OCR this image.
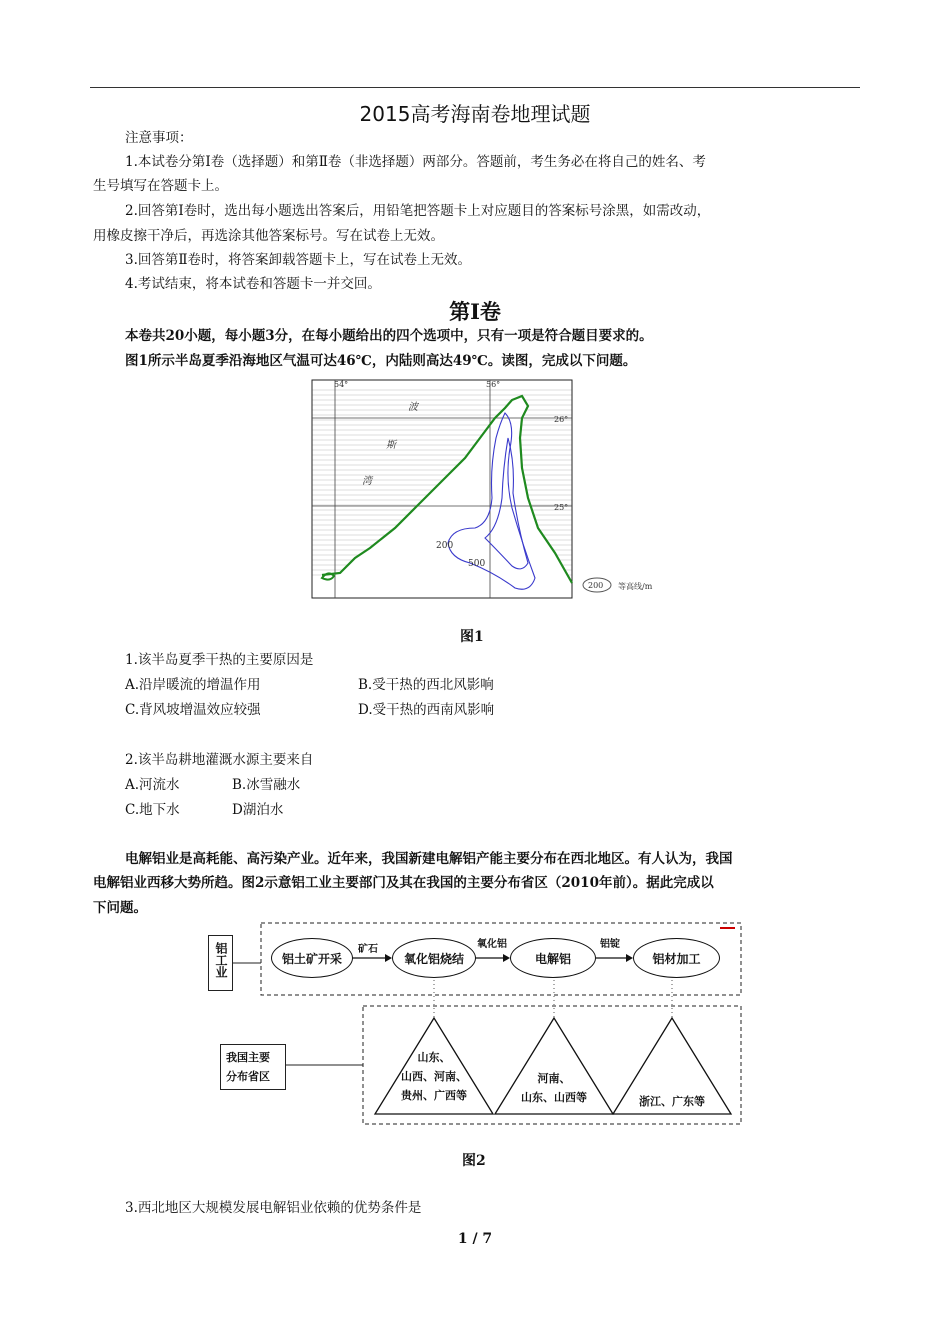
2015高考海南卷地理试题
注意事项：
1.本试卷分第Ⅰ卷（选择题）和第Ⅱ卷（非选择题）两部分。答题前，考生务必在将自己的姓名、考
生号填写在答题卡上。
2.回答第Ⅰ卷时，选出每小题选出答案后，用铅笔把答题卡上对应题目的答案标号涂黑，如需改动，
用橡皮擦干净后，再选涂其他答案标号。写在试卷上无效。
3.回答第Ⅱ卷时，将答案卸载答题卡上，写在试卷上无效。
4.考试结束，将本试卷和答题卡一并交回。
第Ⅰ卷
本卷共20小题，每小题3分，在每小题给出的四个选项中，只有一项是符合题目要求的。
图1所示半岛夏季沿海地区气温可达46℃，内陆则高达49℃。读图，完成以下问题。
54°	56°
26°
25°
波
斯
湾
200
500
200 等高线/m
图1
1.该半岛夏季干热的主要原因是
A.沿岸暖流的增温作用	B.受干热的西北风影响
C.背风坡增温效应较强	D.受干热的西南风影响
2.该半岛耕地灌溉水源主要来自
A.河流水	B.冰雪融水
C.地下水	D湖泊水
电解铝业是高耗能、高污染产业。近年来，我国新建电解铝产能主要分布在西北地区。有人认为，我国
电解铝业西移大势所趋。图2示意铝工业主要部门及其在我国的主要分布省区（2010年前）。据此完成以
下问题。
铝工业	铝土矿开采	氧化铝烧结	电解铝	铝材加工
矿石	氧化铝	铝锭
我国主要
分布省区
山东、
山西、河南、
贵州、广西等
河南、
山东、山西等	浙江、广东等
图2
3.西北地区大规模发展电解铝业依赖的优势条件是
1 / 7
